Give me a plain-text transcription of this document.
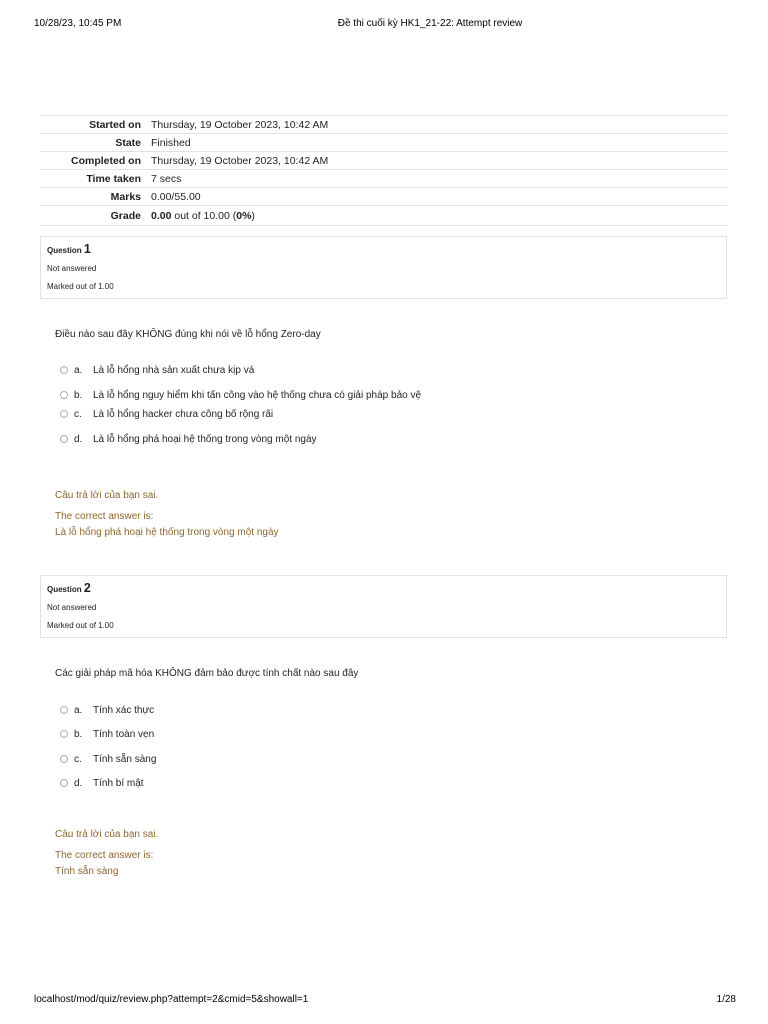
10/28/23, 10:45 PM	Đề thi cuối kỳ HK1_21-22: Attempt review
Started on	Thursday, 19 October 2023, 10:42 AM
State	Finished
Completed on	Thursday, 19 October 2023, 10:42 AM
Time taken	7 secs
Marks	0.00/55.00
Grade	0.00 out of 10.00 (0%)
Question 1
Not answered
Marked out of 1.00
Điều nào sau đây KHÔNG đúng khi nói về lỗ hổng Zero-day
a.	Là lỗ hổng nhà sản xuất chưa kịp vá
b.	Là lỗ hổng nguy hiểm khi tấn công vào hệ thống chưa có giải pháp bảo vệ
c.	Là lỗ hổng hacker chưa công bố rộng rãi
d.	Là lỗ hổng phá hoại hệ thống trong vòng một ngày
Câu trả lời của bạn sai.
The correct answer is:
Là lỗ hổng phá hoại hệ thống trong vòng một ngày
Question 2
Not answered
Marked out of 1.00
Các giải pháp mã hóa KHÔNG đảm bảo được tính chất nào sau đây
a.	Tính xác thực
b.	Tính toàn vẹn
c.	Tính sẵn sàng
d.	Tính bí mật
Câu trả lời của bạn sai.
The correct answer is:
Tính sẵn sàng
localhost/mod/quiz/review.php?attempt=2&cmid=5&showall=1	1/28
